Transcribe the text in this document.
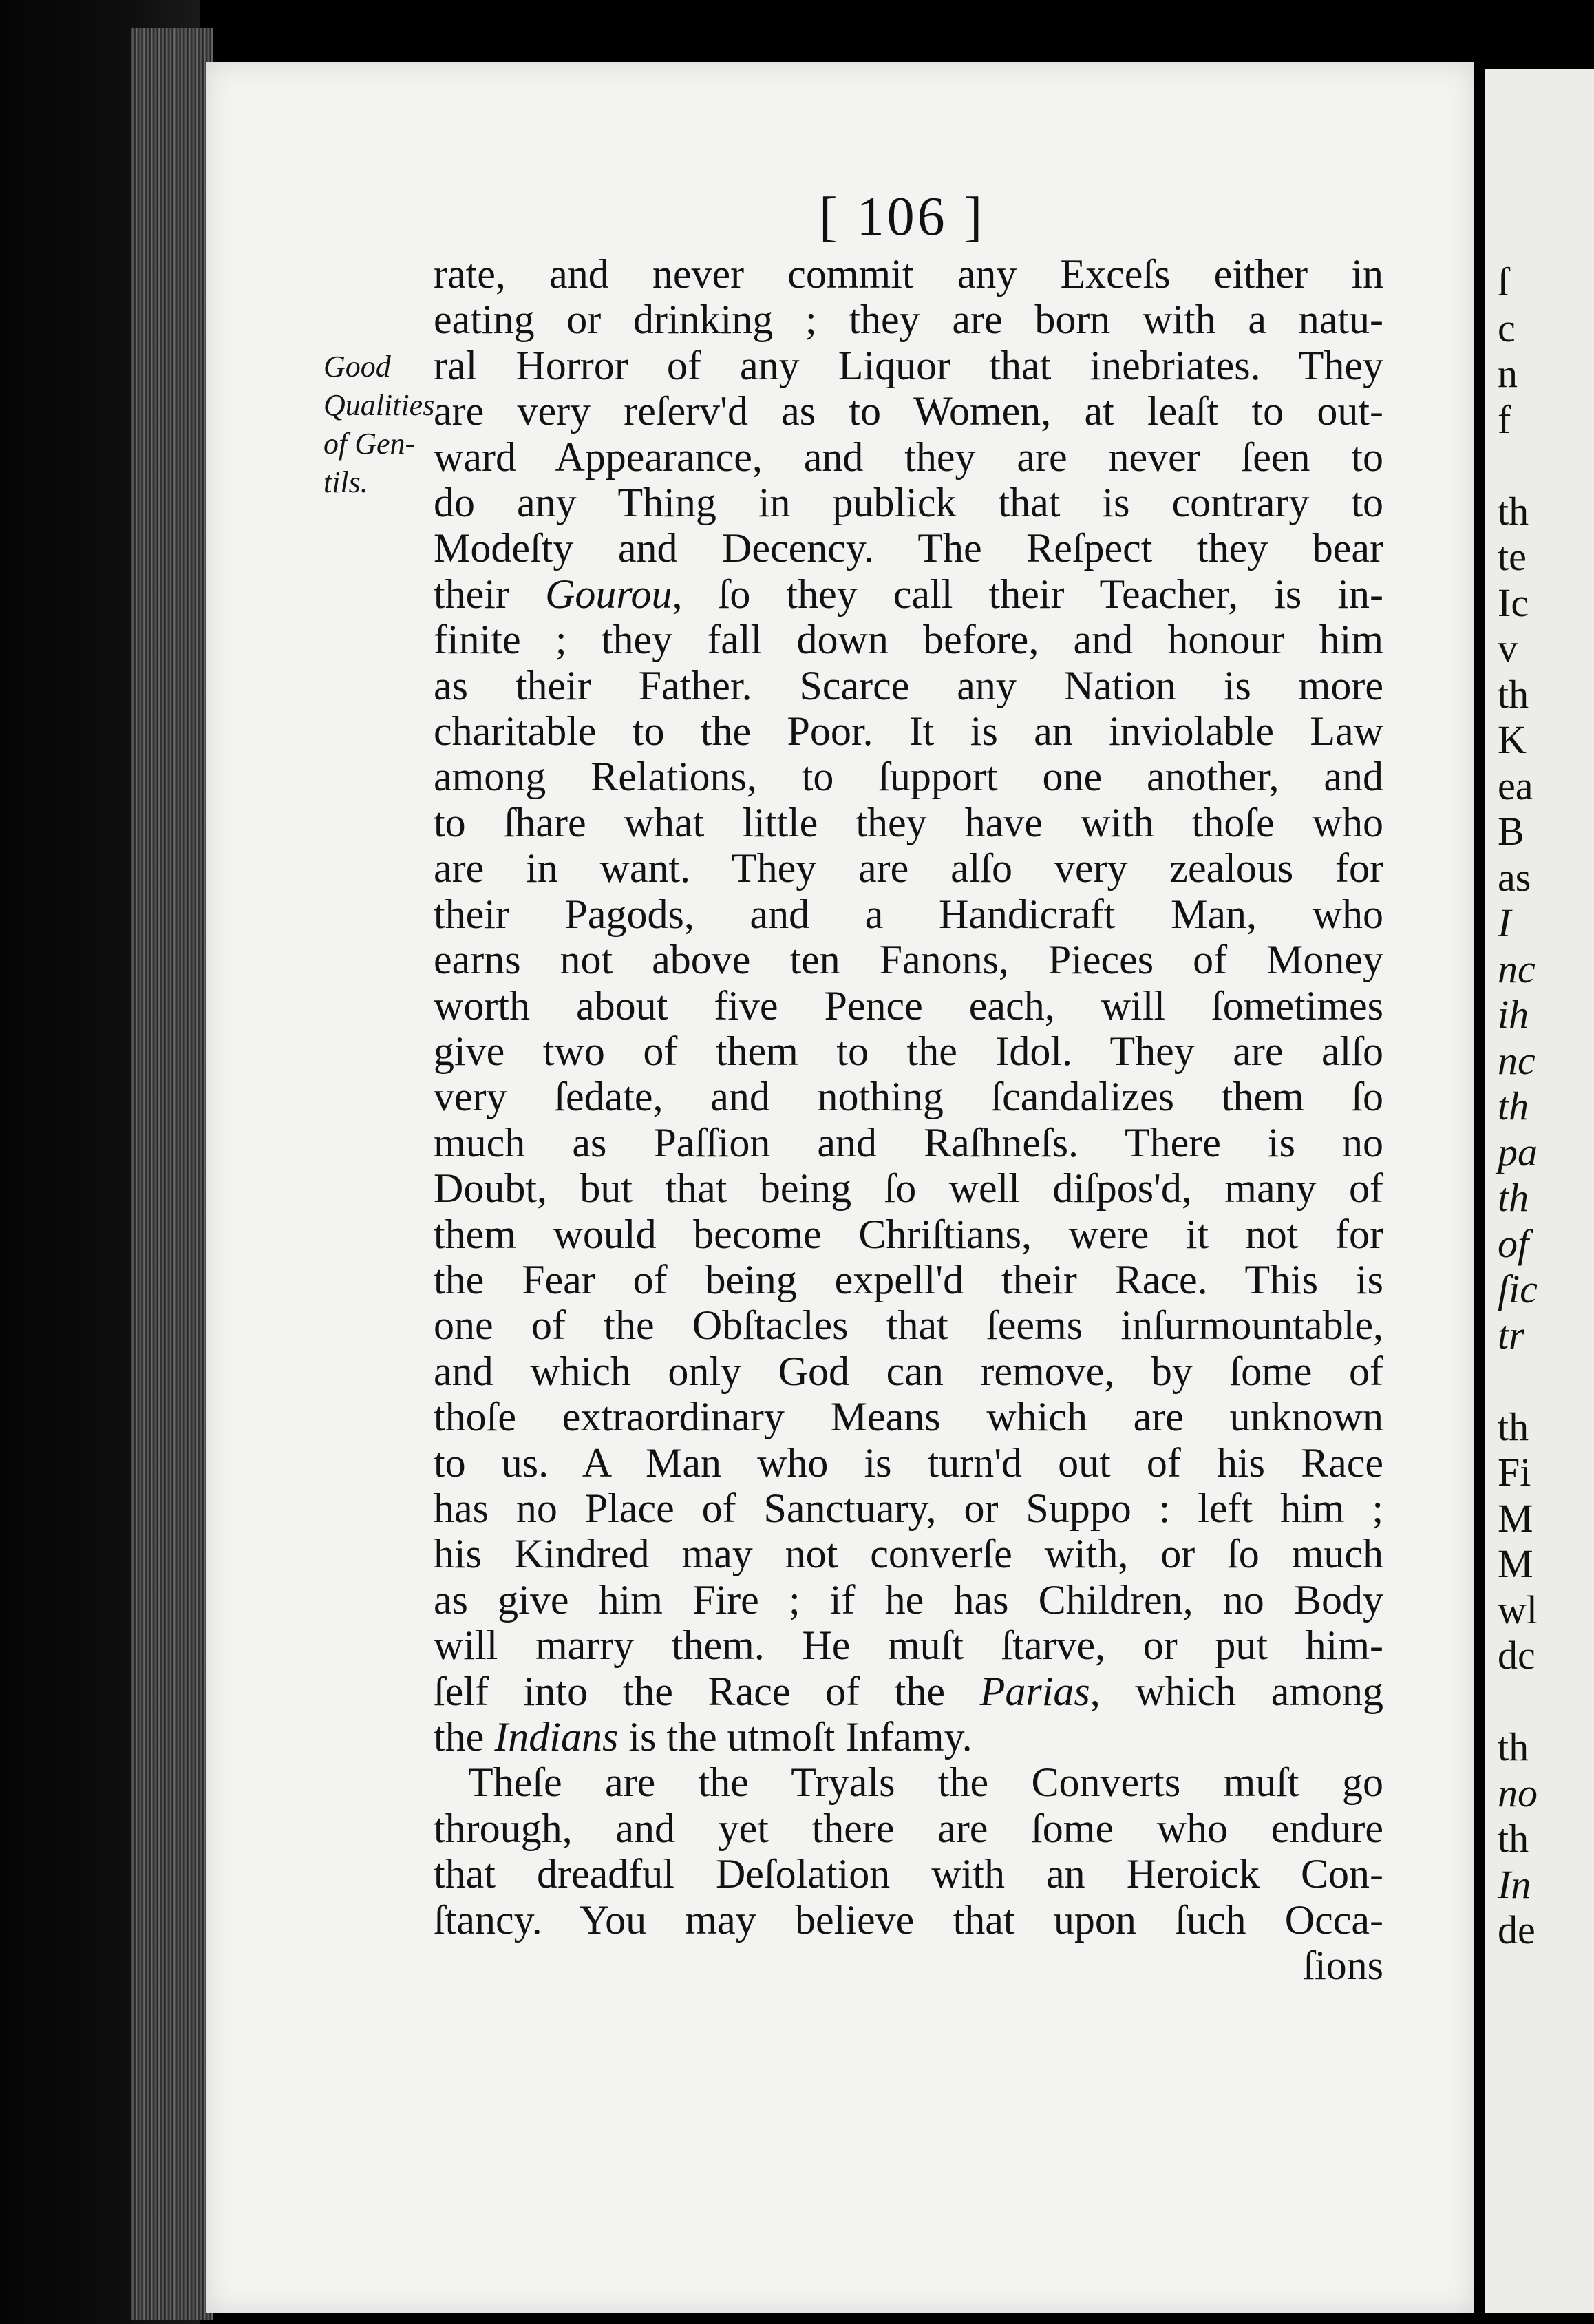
[ 106 ]
Good
Qualities
of Gen-
tils.
rate, and never commit any Exceſs either in
eating or drinking ; they are born with a natu-
ral Horror of any Liquor that inebriates. They
are very reſerv'd as to Women, at leaſt to out-
ward Appearance, and they are never ſeen to
do any Thing in publick that is contrary to
Modeſty and Decency. The Reſpect they bear
their Gourou, ſo they call their Teacher, is in-
finite ; they fall down before, and honour him
as their Father. Scarce any Nation is more
charitable to the Poor. It is an inviolable Law
among Relations, to ſupport one another, and
to ſhare what little they have with thoſe who
are in want. They are alſo very zealous for
their Pagods, and a Handicraft Man, who
earns not above ten Fanons, Pieces of Money
worth about five Pence each, will ſometimes
give two of them to the Idol. They are alſo
very ſedate, and nothing ſcandalizes them ſo
much as Paſſion and Raſhneſs. There is no
Doubt, but that being ſo well diſpos'd, many of
them would become Chriſtians, were it not for
the Fear of being expell'd their Race. This is
one of the Obſtacles that ſeems inſurmountable,
and which only God can remove, by ſome of
thoſe extraordinary Means which are unknown
to us. A Man who is turn'd out of his Race
has no Place of Sanctuary, or Suppo : left him ;
his Kindred may not converſe with, or ſo much
as give him Fire ; if he has Children, no Body
will marry them. He muſt ſtarve, or put him-
ſelf into the Race of the Parias, which among
the Indians is the utmoſt Infamy.
Theſe are the Tryals the Converts muſt go
through, and yet there are ſome who endure
that dreadful Deſolation with an Heroick Con-
ſtancy. You may believe that upon ſuch Occa-
ſions
ſ
c
n
f
th
te
Ic
v
th
K
ea
B
as
I
nc
ih
nc
th
pa
th
of
ſic
tr
th
Fi
M
M
wl
dc
th
no
th
In
de
